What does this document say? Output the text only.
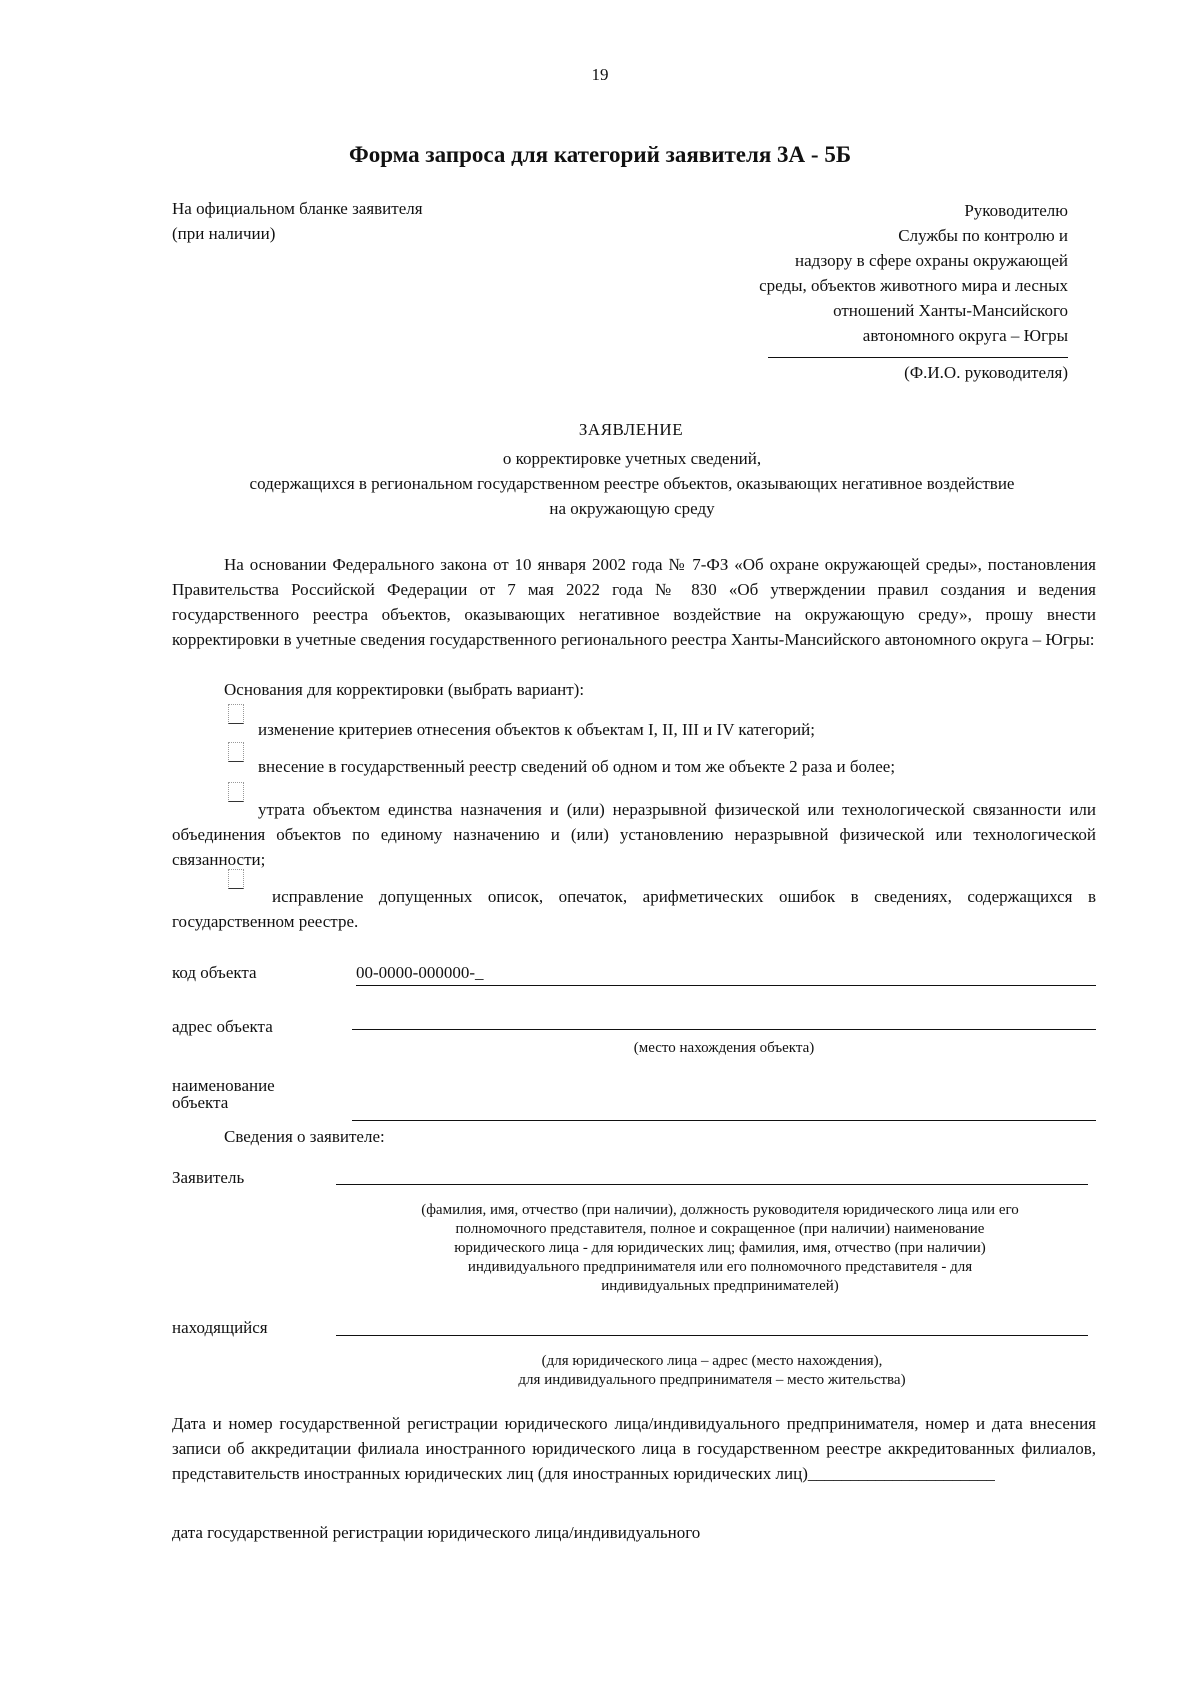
19
Форма запроса для категорий заявителя 3А - 5Б
На официальном бланке заявителя
(при наличии)
Руководителю
Службы по контролю и
надзору в сфере охраны окружающей
среды, объектов животного мира и лесных
отношений Ханты-Мансийского
автономного округа – Югры
(Ф.И.О. руководителя)
ЗАЯВЛЕНИЕ
о корректировке учетных сведений,
содержащихся в региональном государственном реестре объектов, оказывающих негативное воздействие
на окружающую среду
На основании Федерального закона от 10 января 2002 года № 7-ФЗ «Об охране окружающей среды», постановления Правительства Российской Федерации от 7 мая 2022 года № 830 «Об утверждении правил создания и ведения государственного реестра объектов, оказывающих негативное воздействие на окружающую среду», прошу внести корректировки в учетные сведения государственного регионального реестра Ханты-Мансийского автономного округа – Югры:
Основания для корректировки (выбрать вариант):
изменение критериев отнесения объектов к объектам I, II, III и IV категорий;
внесение в государственный реестр сведений об одном и том же объекте 2 раза и более;
утрата объектом единства назначения и (или) неразрывной физической или технологической связанности или объединения объектов по единому назначению и (или) установлению неразрывной физической или технологической связанности;
исправление допущенных описок, опечаток, арифметических ошибок в сведениях, содержащихся в государственном реестре.
код объекта	00-0000-000000-_
адрес объекта
(место нахождения объекта)
наименование
объекта
Сведения о заявителе:
Заявитель
(фамилия, имя, отчество (при наличии), должность руководителя юридического лица или его
полномочного представителя, полное и сокращенное (при наличии) наименование
юридического лица - для юридических лиц; фамилия, имя, отчество (при наличии)
индивидуального предпринимателя или его полномочного представителя - для
индивидуальных предпринимателей)
находящийся
(для юридического лица – адрес (место нахождения),
для индивидуального предпринимателя – место жительства)
Дата и номер государственной регистрации юридического лица/индивидуального предпринимателя, номер и дата внесения записи об аккредитации филиала иностранного юридического лица в государственном реестре аккредитованных филиалов, представительств иностранных юридических лиц (для иностранных юридических лиц)______________________
дата государственной регистрации юридического лица/индивидуального
